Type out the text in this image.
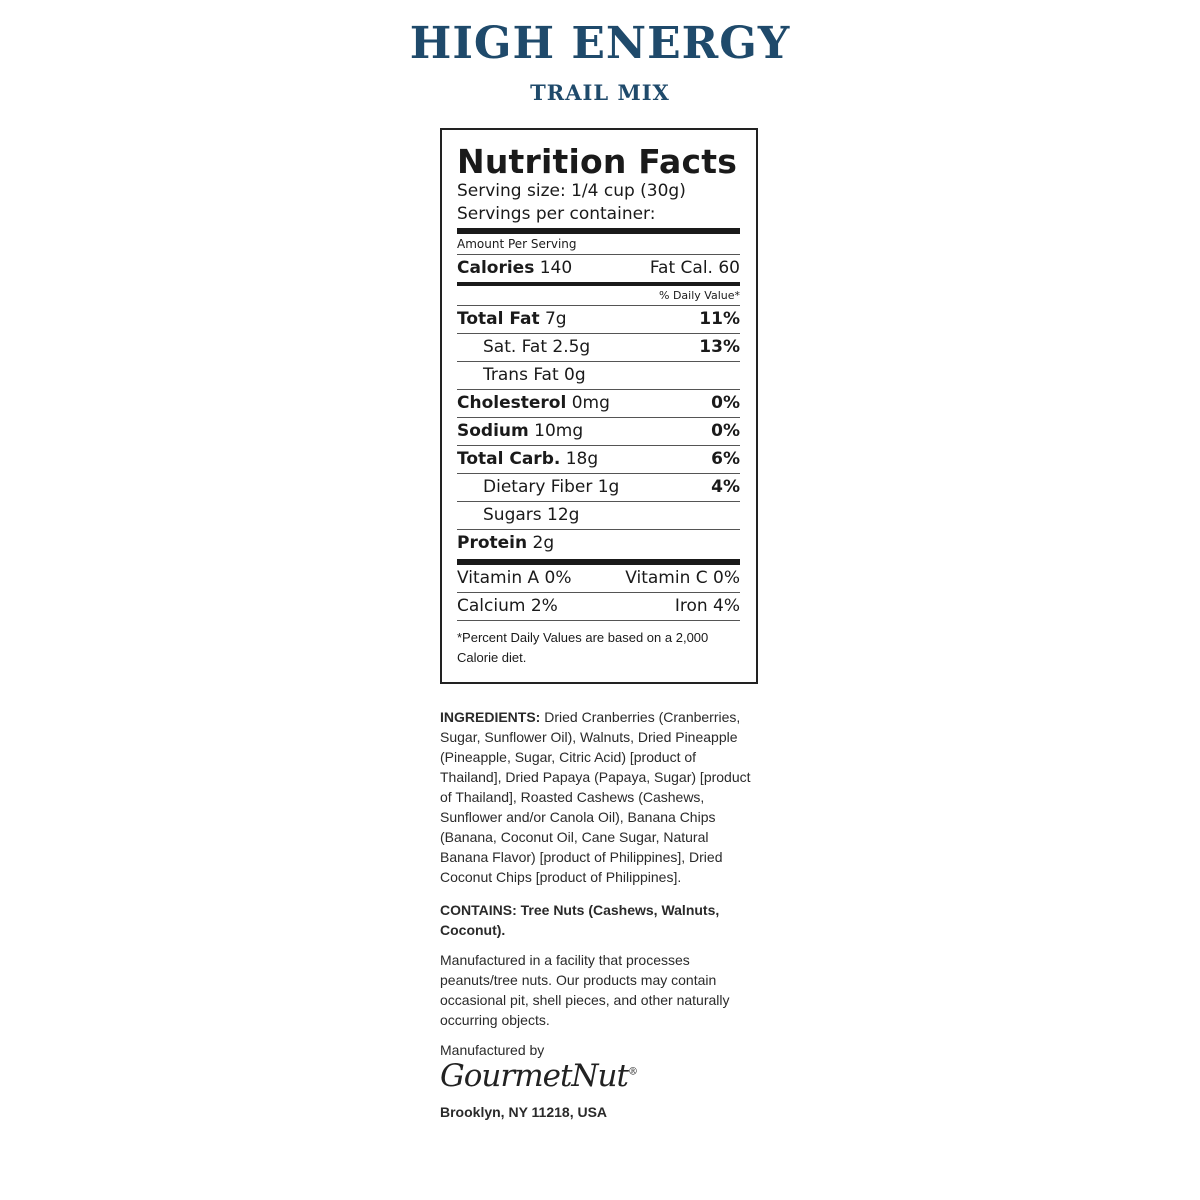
HIGH ENERGY
TRAIL MIX
Nutrition Facts
Serving size: 1/4 cup (30g)
Servings per container:
Amount Per Serving
Calories 140	Fat Cal. 60
% Daily Value*
Total Fat 7g	11%
Sat. Fat 2.5g	13%
Trans Fat 0g
Cholesterol 0mg	0%
Sodium 10mg	0%
Total Carb. 18g	6%
Dietary Fiber 1g	4%
Sugars 12g
Protein 2g
Vitamin A 0%	Vitamin C 0%
Calcium 2%	Iron 4%
*Percent Daily Values are based on a 2,000 Calorie diet.
INGREDIENTS: Dried Cranberries (Cranberries, Sugar, Sunflower Oil), Walnuts, Dried Pineapple (Pineapple, Sugar, Citric Acid) [product of Thailand], Dried Papaya (Papaya, Sugar) [product of Thailand], Roasted Cashews (Cashews, Sunflower and/or Canola Oil), Banana Chips (Banana, Coconut Oil, Cane Sugar, Natural Banana Flavor) [product of Philippines], Dried Coconut Chips [product of Philippines].
CONTAINS: Tree Nuts (Cashews, Walnuts, Coconut).
Manufactured in a facility that processes peanuts/tree nuts. Our products may contain occasional pit, shell pieces, and other naturally occurring objects.
Manufactured by
GourmetNut®
Brooklyn, NY 11218, USA
